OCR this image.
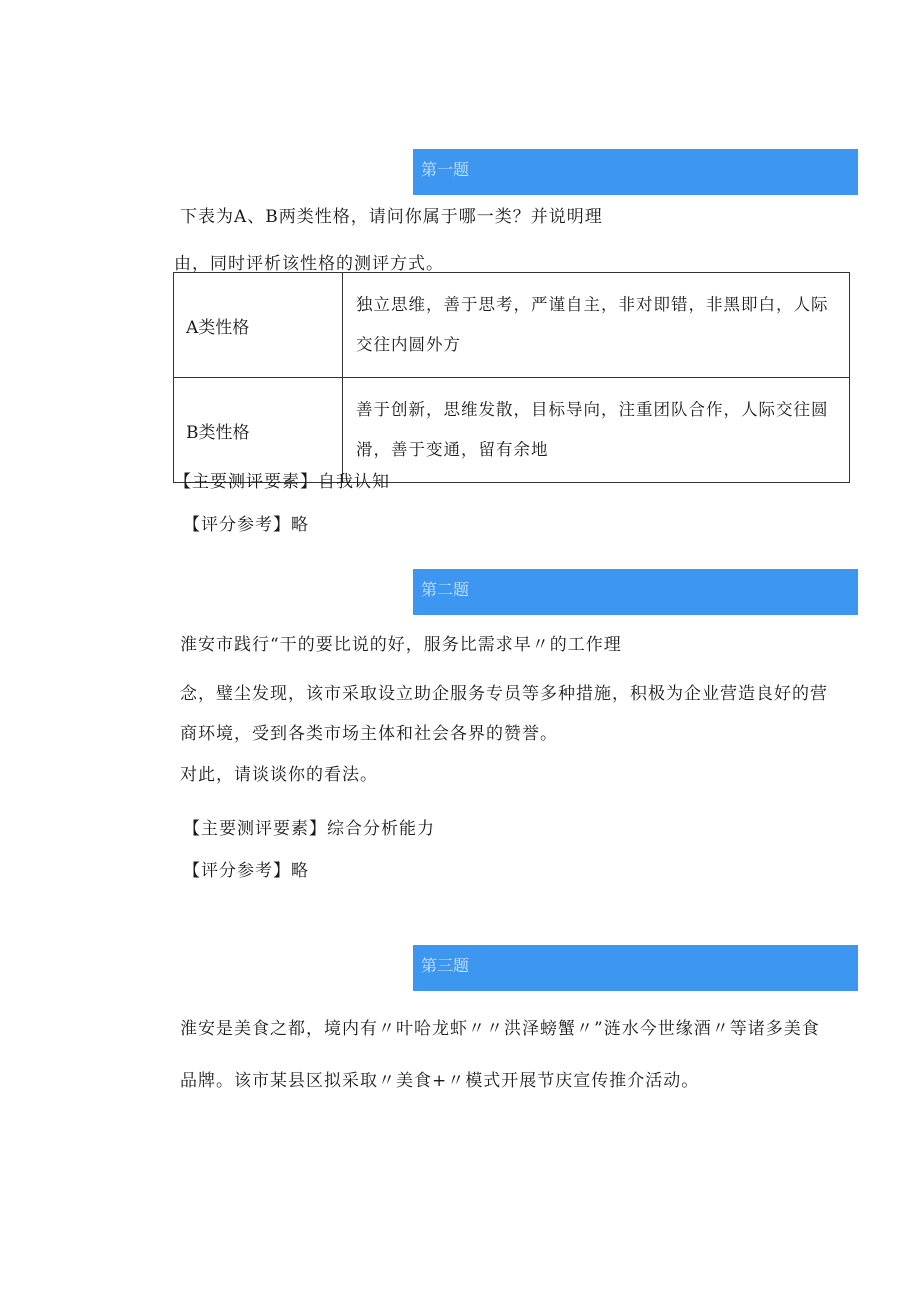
第一题
下表为A、B两类性格，请问你属于哪一类？并说明理
由，同时评析该性格的测评方式。
A类性格	独立思维，善于思考，严谨自主，非对即错，非黑即白，人际交往内圆外方
B类性格	善于创新，思维发散，目标导向，注重团队合作，人际交往圆滑，善于变通，留有余地
【主要测评要素】自我认知
【评分参考】略
第二题
淮安市践行“干的要比说的好，服务比需求早〃的工作理
念，璧尘发现，该市采取设立助企服务专员等多种措施，积极为企业营造良好的营
商环境，受到各类市场主体和社会各界的赞誉。
对此，请谈谈你的看法。
【主要测评要素】综合分析能力
【评分参考】略
第三题
淮安是美食之都，境内有〃叶哈龙虾〃〃洪泽螃蟹〃”涟水今世缘酒〃等诸多美食
品牌。该市某县区拟采取〃美食+〃模式开展节庆宣传推介活动。
